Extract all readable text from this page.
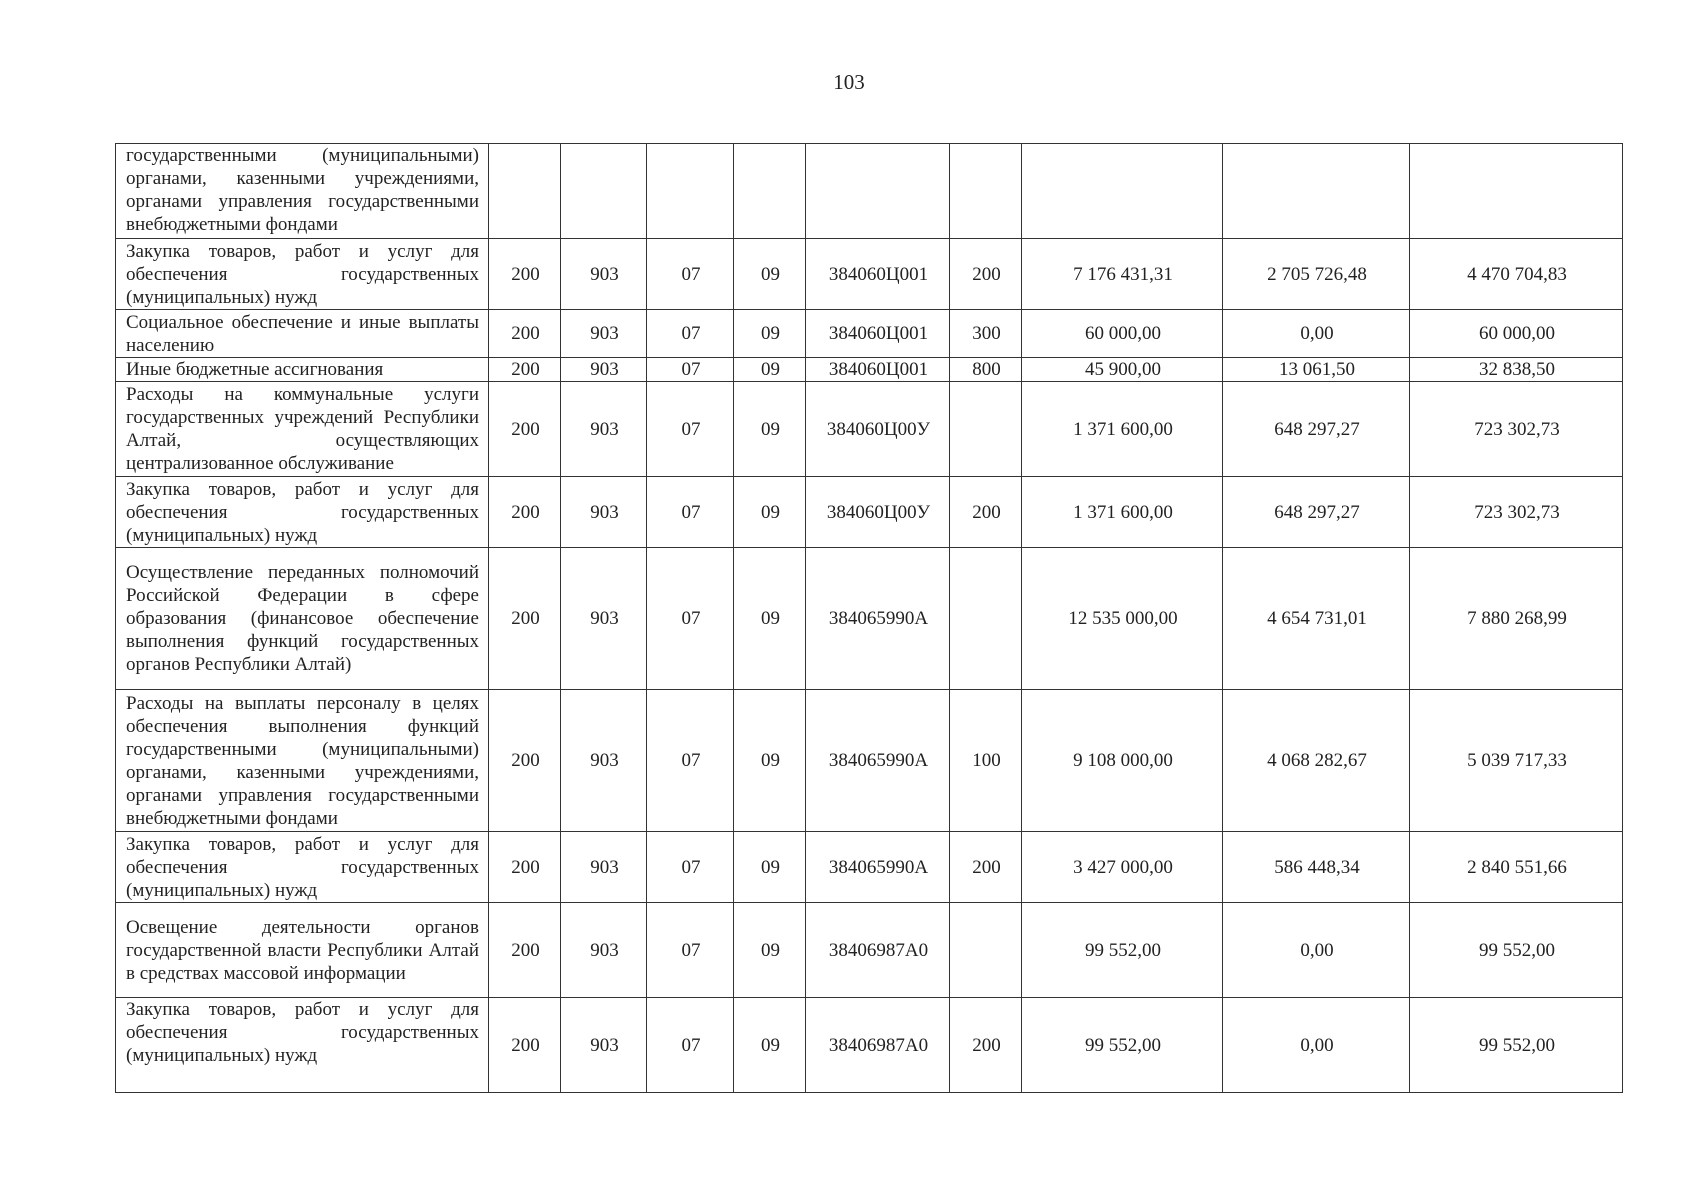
103
государственными (муниципальными) органами, казенными учреждениями, органами управления государственными внебюджетными фондами									
Закупка товаров, работ и услуг для обеспечения государственных (муниципальных) нужд	200	903	07	09	384060Ц001	200	7 176 431,31	2 705 726,48	4 470 704,83
Социальное обеспечение и иные выплаты населению	200	903	07	09	384060Ц001	300	60 000,00	0,00	60 000,00
Иные бюджетные ассигнования	200	903	07	09	384060Ц001	800	45 900,00	13 061,50	32 838,50
Расходы на коммунальные услуги государственных учреждений Республики Алтай, осуществляющих централизованное обслуживание	200	903	07	09	384060Ц00У		1 371 600,00	648 297,27	723 302,73
Закупка товаров, работ и услуг для обеспечения государственных (муниципальных) нужд	200	903	07	09	384060Ц00У	200	1 371 600,00	648 297,27	723 302,73
Осуществление переданных полномочий Российской Федерации в сфере образования (финансовое обеспечение выполнения функций государственных органов Республики Алтай)	200	903	07	09	384065990A		12 535 000,00	4 654 731,01	7 880 268,99
Расходы на выплаты персоналу в целях обеспечения выполнения функций государственными (муниципальными) органами, казенными учреждениями, органами управления государственными внебюджетными фондами	200	903	07	09	384065990A	100	9 108 000,00	4 068 282,67	5 039 717,33
Закупка товаров, работ и услуг для обеспечения государственных (муниципальных) нужд	200	903	07	09	384065990A	200	3 427 000,00	586 448,34	2 840 551,66
Освещение деятельности органов государственной власти Республики Алтай в средствах массовой информации	200	903	07	09	38406987A0		99 552,00	0,00	99 552,00
Закупка товаров, работ и услуг для обеспечения государственных (муниципальных) нужд	200	903	07	09	38406987A0	200	99 552,00	0,00	99 552,00
